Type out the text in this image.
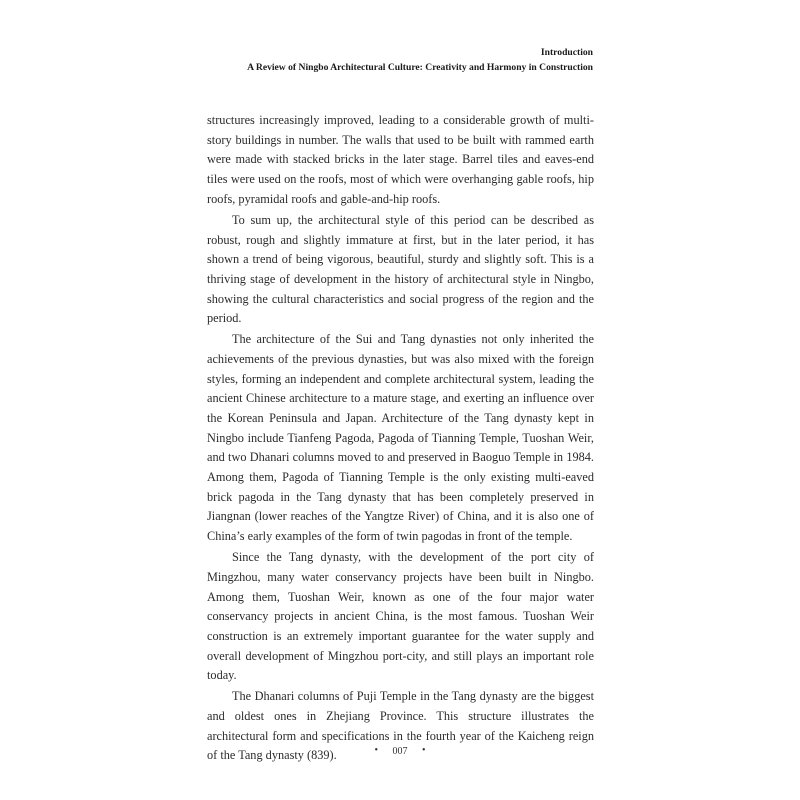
Introduction
A Review of Ningbo Architectural Culture: Creativity and Harmony in Construction

structures increasingly improved, leading to a considerable growth of multi-story buildings in number. The walls that used to be built with rammed earth were made with stacked bricks in the later stage. Barrel tiles and eaves-end tiles were used on the roofs, most of which were overhanging gable roofs, hip roofs, pyramidal roofs and gable-and-hip roofs.

To sum up, the architectural style of this period can be described as robust, rough and slightly immature at first, but in the later period, it has shown a trend of being vigorous, beautiful, sturdy and slightly soft. This is a thriving stage of development in the history of architectural style in Ningbo, showing the cultural characteristics and social progress of the region and the period.

The architecture of the Sui and Tang dynasties not only inherited the achievements of the previous dynasties, but was also mixed with the foreign styles, forming an independent and complete architectural system, leading the ancient Chinese architecture to a mature stage, and exerting an influence over the Korean Peninsula and Japan. Architecture of the Tang dynasty kept in Ningbo include Tianfeng Pagoda, Pagoda of Tianning Temple, Tuoshan Weir, and two Dhanari columns moved to and preserved in Baoguo Temple in 1984. Among them, Pagoda of Tianning Temple is the only existing multi-eaved brick pagoda in the Tang dynasty that has been completely preserved in Jiangnan (lower reaches of the Yangtze River) of China, and it is also one of China’s early examples of the form of twin pagodas in front of the temple.

Since the Tang dynasty, with the development of the port city of Mingzhou, many water conservancy projects have been built in Ningbo. Among them, Tuoshan Weir, known as one of the four major water conservancy projects in ancient China, is the most famous. Tuoshan Weir construction is an extremely important guarantee for the water supply and overall development of Mingzhou port-city, and still plays an important role today.

The Dhanari columns of Puji Temple in the Tang dynasty are the biggest and oldest ones in Zhejiang Province. This structure illustrates the architectural form and specifications in the fourth year of the Kaicheng reign of the Tang dynasty (839).	• 007 •
